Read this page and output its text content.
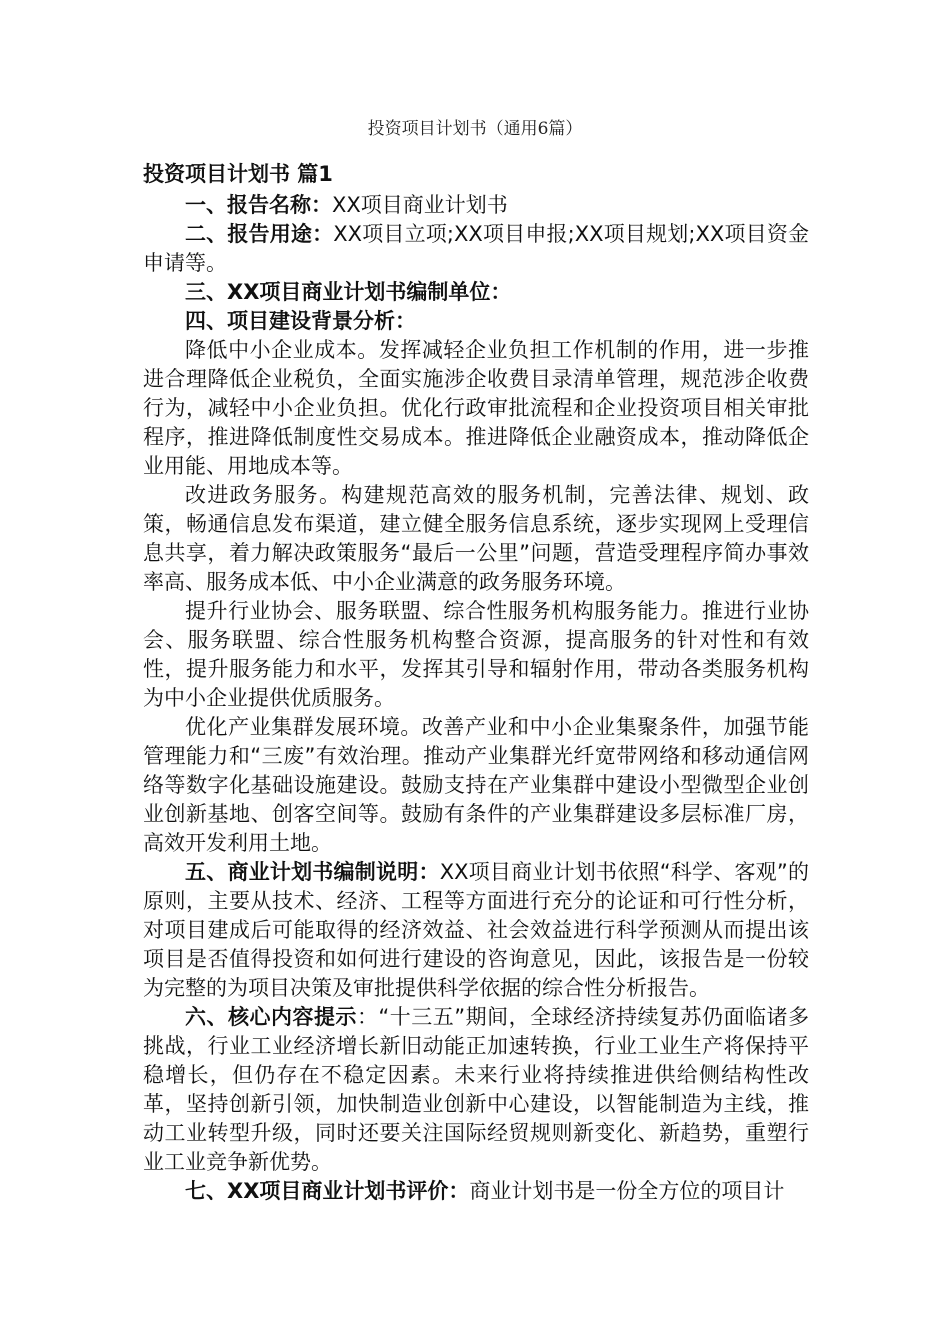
投资项目计划书（通用6篇）
投资项目计划书 篇1

一、报告名称：XX项目商业计划书

二、报告用途：XX项目立项;XX项目申报;XX项目规划;XX项目资金申请等。

三、XX项目商业计划书编制单位：

四、项目建设背景分析：

降低中小企业成本。发挥减轻企业负担工作机制的作用，进一步推进合理降低企业税负，全面实施涉企收费目录清单管理，规范涉企收费行为，减轻中小企业负担。优化行政审批流程和企业投资项目相关审批程序，推进降低制度性交易成本。推进降低企业融资成本，推动降低企业用能、用地成本等。

改进政务服务。构建规范高效的服务机制，完善法律、规划、政策，畅通信息发布渠道，建立健全服务信息系统，逐步实现网上受理信息共享，着力解决政策服务“最后一公里”问题，营造受理程序简办事效率高、服务成本低、中小企业满意的政务服务环境。

提升行业协会、服务联盟、综合性服务机构服务能力。推进行业协会、服务联盟、综合性服务机构整合资源，提高服务的针对性和有效性，提升服务能力和水平，发挥其引导和辐射作用，带动各类服务机构为中小企业提供优质服务。

优化产业集群发展环境。改善产业和中小企业集聚条件，加强节能管理能力和“三废”有效治理。推动产业集群光纤宽带网络和移动通信网络等数字化基础设施建设。鼓励支持在产业集群中建设小型微型企业创业创新基地、创客空间等。鼓励有条件的产业集群建设多层标准厂房，高效开发利用土地。

五、商业计划书编制说明：XX项目商业计划书依照“科学、客观”的原则，主要从技术、经济、工程等方面进行充分的论证和可行性分析，对项目建成后可能取得的经济效益、社会效益进行科学预测从而提出该项目是否值得投资和如何进行建设的咨询意见，因此，该报告是一份较为完整的为项目决策及审批提供科学依据的综合性分析报告。

六、核心内容提示：“十三五”期间，全球经济持续复苏仍面临诸多挑战，行业工业经济增长新旧动能正加速转换，行业工业生产将保持平稳增长，但仍存在不稳定因素。未来行业将持续推进供给侧结构性改革，坚持创新引领，加快制造业创新中心建设，以智能制造为主线，推动工业转型升级，同时还要关注国际经贸规则新变化、新趋势，重塑行业工业竞争新优势。

七、XX项目商业计划书评价：商业计划书是一份全方位的项目计
